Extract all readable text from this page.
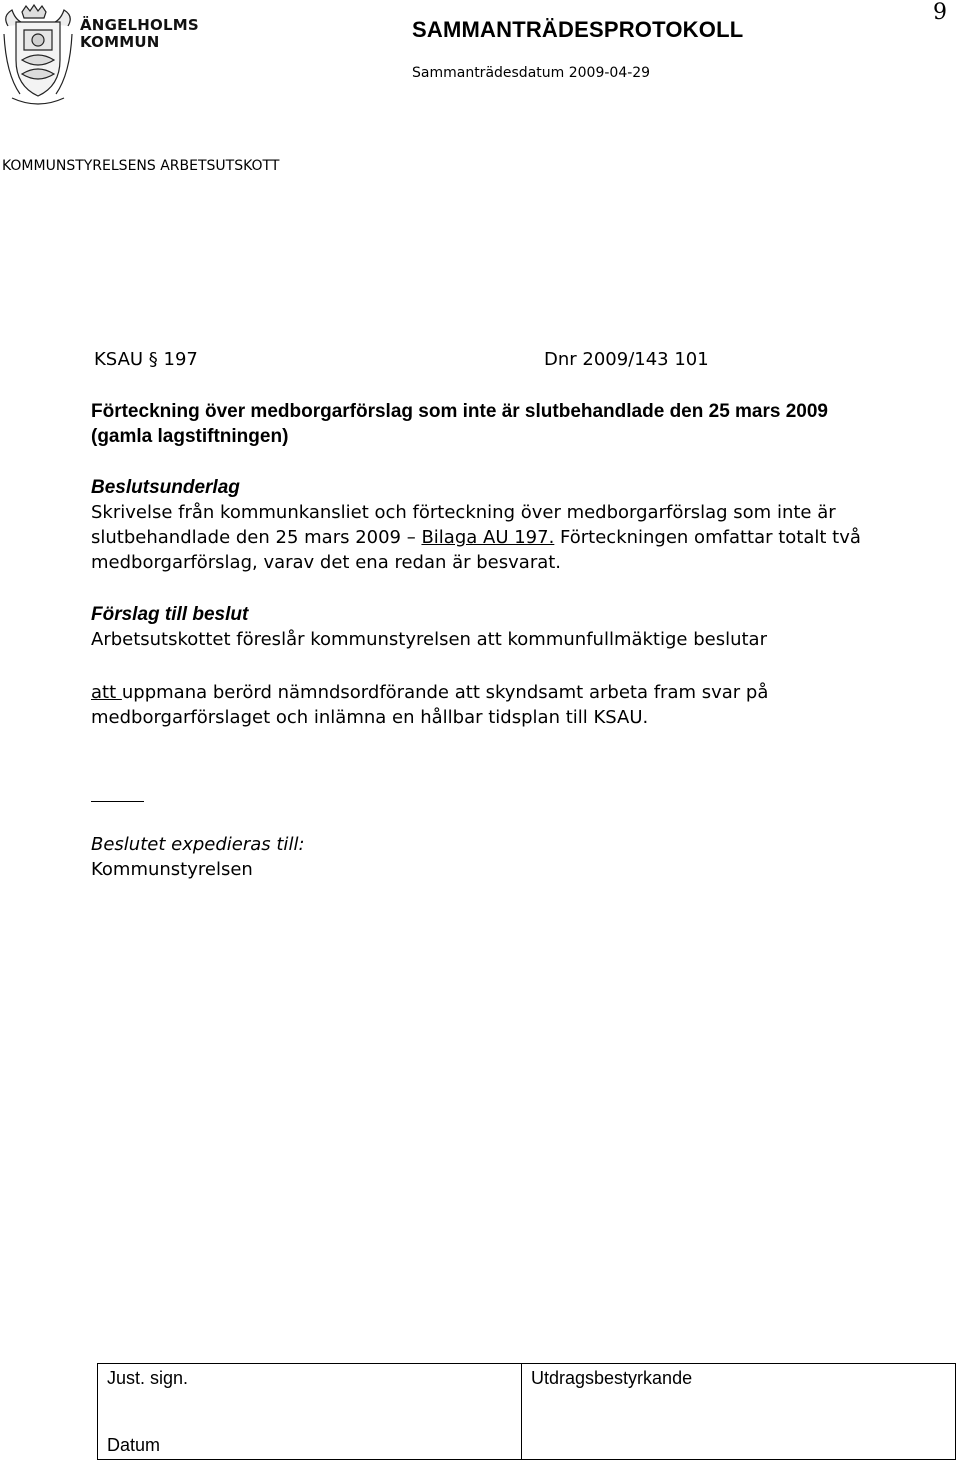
ÄNGELHOLMS
KOMMUN	SAMMANTRÄDESPROTOKOLL
Sammanträdesdatum 2009-04-29
9
KOMMUNSTYRELSENS ARBETSUTSKOTT
KSAU § 197	Dnr 2009/143 101
Förteckning över medborgarförslag som inte är slutbehandlade den 25 mars 2009
(gamla lagstiftningen)
Beslutsunderlag
Skrivelse från kommunkansliet och förteckning över medborgarförslag som inte är slutbehandlade den 25 mars 2009 – Bilaga AU 197. Förteckningen omfattar totalt två medborgarförslag, varav det ena redan är besvarat.
Förslag till beslut
Arbetsutskottet föreslår kommunstyrelsen att kommunfullmäktige beslutar
att uppmana berörd nämndsordförande att skyndsamt arbeta fram svar på medborgarförslaget och inlämna en hållbar tidsplan till KSAU.
Beslutet expedieras till:
Kommunstyrelsen
Just. sign.
Datum
Utdragsbestyrkande
